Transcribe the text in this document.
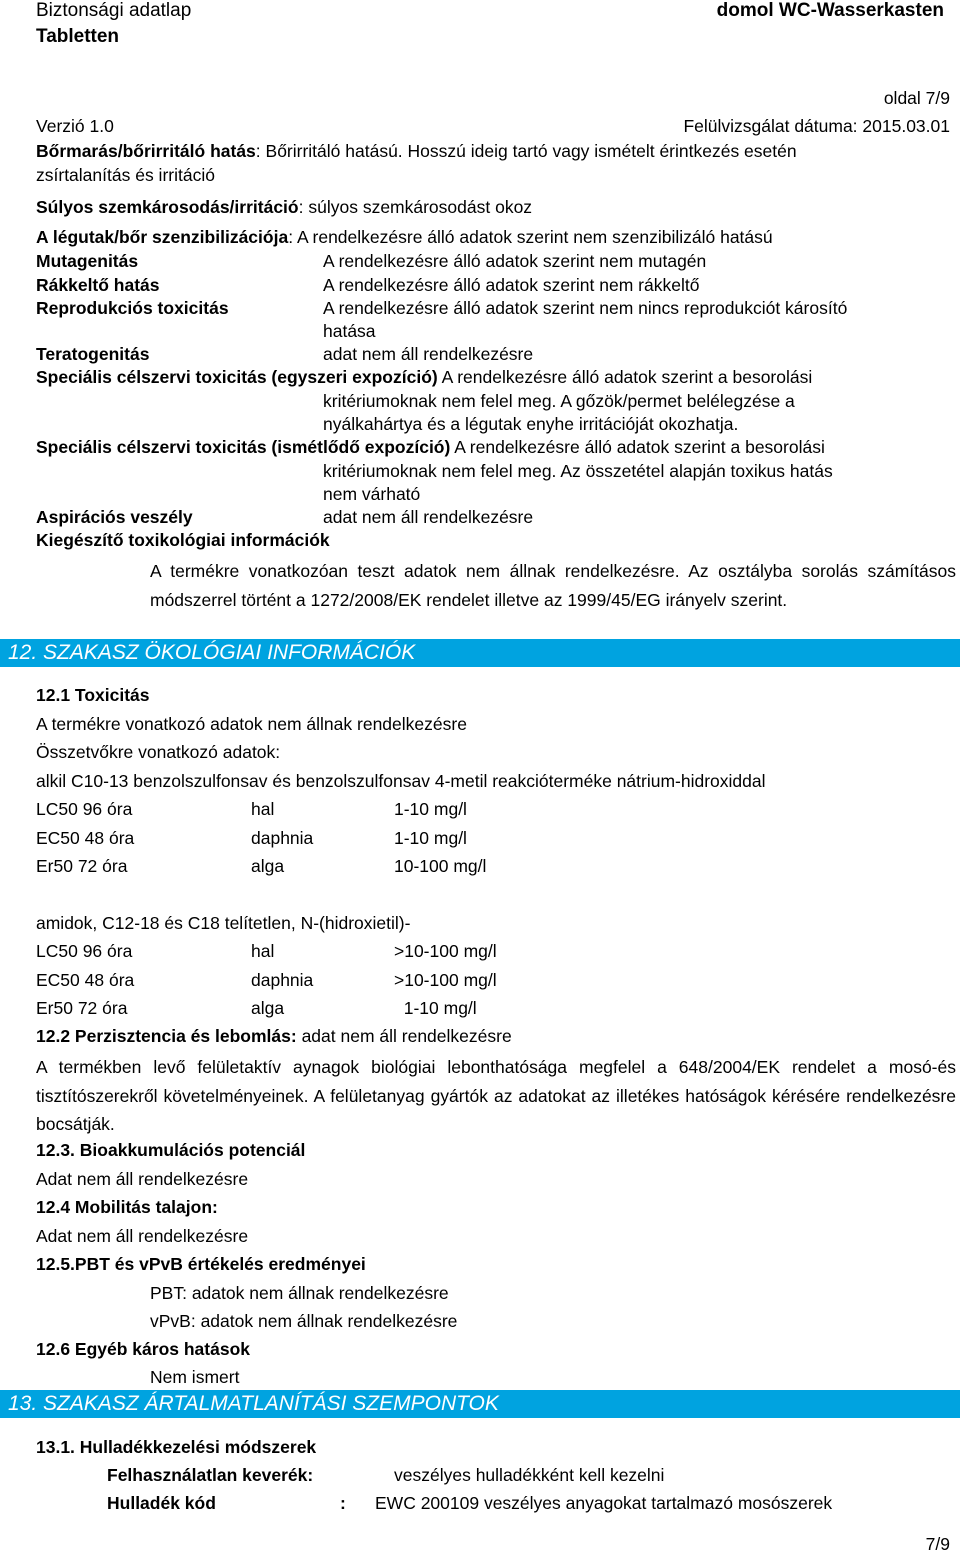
Biztonsági adatlap
Tabletten
domol WC-Wasserkasten
oldal 7/9
Verzió 1.0	Felülvizsgálat dátuma: 2015.03.01
Bőrmarás/bőrirritáló hatás: Bőrirritáló hatású. Hosszú ideig tartó vagy ismételt érintkezés esetén
zsírtalanítás és irritáció
Súlyos szemkárosodás/irritáció: súlyos szemkárosodást okoz
A légutak/bőr szenzibilizációja: A rendelkezésre álló adatok szerint nem szenzibilizáló hatású
Mutagenitás	A rendelkezésre álló adatok szerint nem mutagén
Rákkeltő hatás	A rendelkezésre álló adatok szerint nem rákkeltő
Reprodukciós toxicitás	A rendelkezésre álló adatok szerint nem nincs reprodukciót károsító
hatása
Teratogenitás	adat nem áll rendelkezésre
Speciális célszervi toxicitás (egyszeri expozíció) A rendelkezésre álló adatok szerint a besorolási
kritériumoknak nem felel meg. A gőzök/permet belélegzése a
nyálkahártya és a légutak enyhe irritációját okozhatja.
Speciális célszervi toxicitás (ismétlődő expozíció) A rendelkezésre álló adatok szerint a besorolási
kritériumoknak nem felel meg. Az összetétel alapján toxikus hatás
nem várható
Aspirációs veszély	adat nem áll rendelkezésre
Kiegészítő toxikológiai információk
A termékre vonatkozóan teszt adatok nem állnak rendelkezésre. Az osztályba sorolás számításos módszerrel történt a 1272/2008/EK rendelet illetve az 1999/45/EG irányelv szerint.
12. SZAKASZ ÖKOLÓGIAI INFORMÁCIÓK
12.1 Toxicitás
A termékre vonatkozó adatok nem állnak rendelkezésre
Összetvőkre vonatkozó adatok:
alkil C10-13 benzolszulfonsav és benzolszulfonsav 4-metil reakcióterméke nátrium-hidroxiddal
LC50 96 óra	hal	1-10 mg/l
EC50 48 óra	daphnia	1-10 mg/l
Er50 72 óra	alga	10-100 mg/l
amidok, C12-18 és C18 telítetlen, N-(hidroxietil)-
LC50 96 óra	hal	>10-100 mg/l
EC50 48 óra	daphnia	>10-100 mg/l
Er50 72 óra	alga	1-10 mg/l
12.2 Perzisztencia és lebomlás: adat nem áll rendelkezésre
A termékben levő felületaktív aynagok biológiai lebonthatósága megfelel a 648/2004/EK rendelet a mosó-és tisztítószerekről követelményeinek. A felületanyag gyártók az adatokat az illetékes hatóságok kérésére rendelkezésre bocsátják.
12.3. Bioakkumulációs potenciál
Adat nem áll rendelkezésre
12.4 Mobilitás talajon:
Adat nem áll rendelkezésre
12.5.PBT és vPvB értékelés eredményei
PBT: adatok nem állnak rendelkezésre
vPvB: adatok nem állnak rendelkezésre
12.6 Egyéb káros hatások
Nem ismert
13. SZAKASZ ÁRTALMATLANÍTÁSI SZEMPONTOK
13.1. Hulladékkezelési módszerek
Felhasználatlan keverék:	veszélyes hulladékként kell kezelni
Hulladék kód	: EWC 200109 veszélyes anyagokat tartalmazó mosószerek
7/9
